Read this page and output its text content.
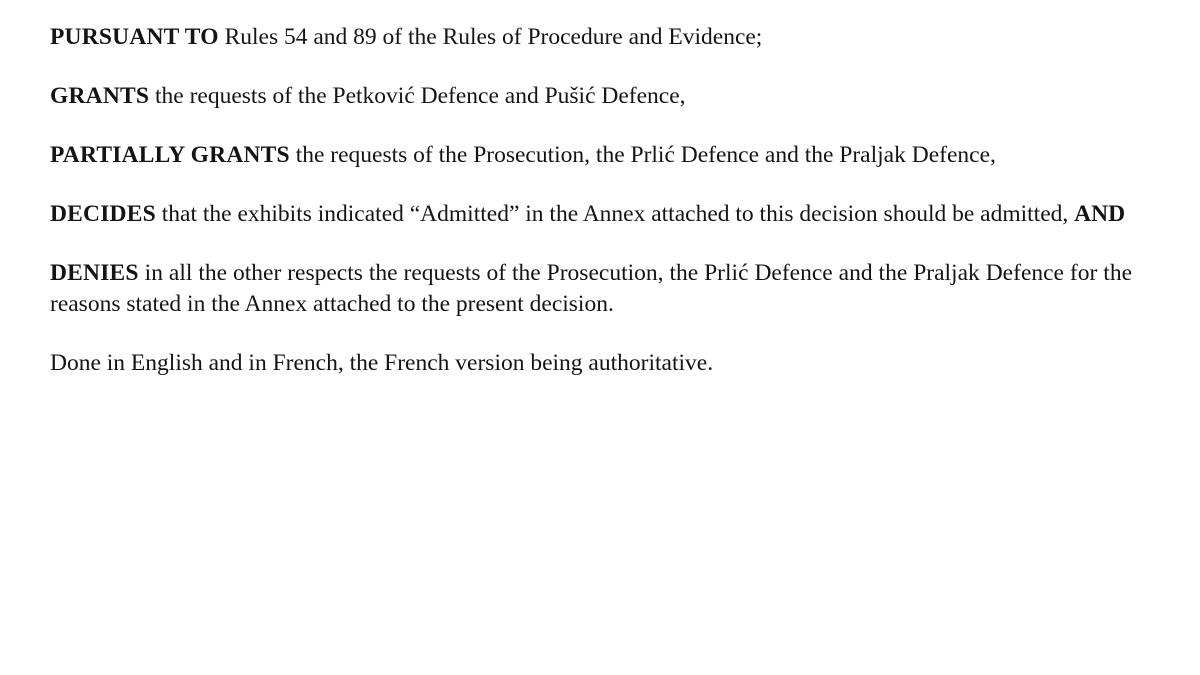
PURSUANT TO Rules 54 and 89 of the Rules of Procedure and Evidence;

GRANTS the requests of the Petković Defence and Pušić Defence,

PARTIALLY GRANTS the requests of the Prosecution, the Prlić Defence and the Praljak Defence,

DECIDES that the exhibits indicated “Admitted” in the Annex attached to this decision should be admitted, AND

DENIES in all the other respects the requests of the Prosecution, the Prlić Defence and the Praljak Defence for the reasons stated in the Annex attached to the present decision.

Done in English and in French, the French version being authoritative.
